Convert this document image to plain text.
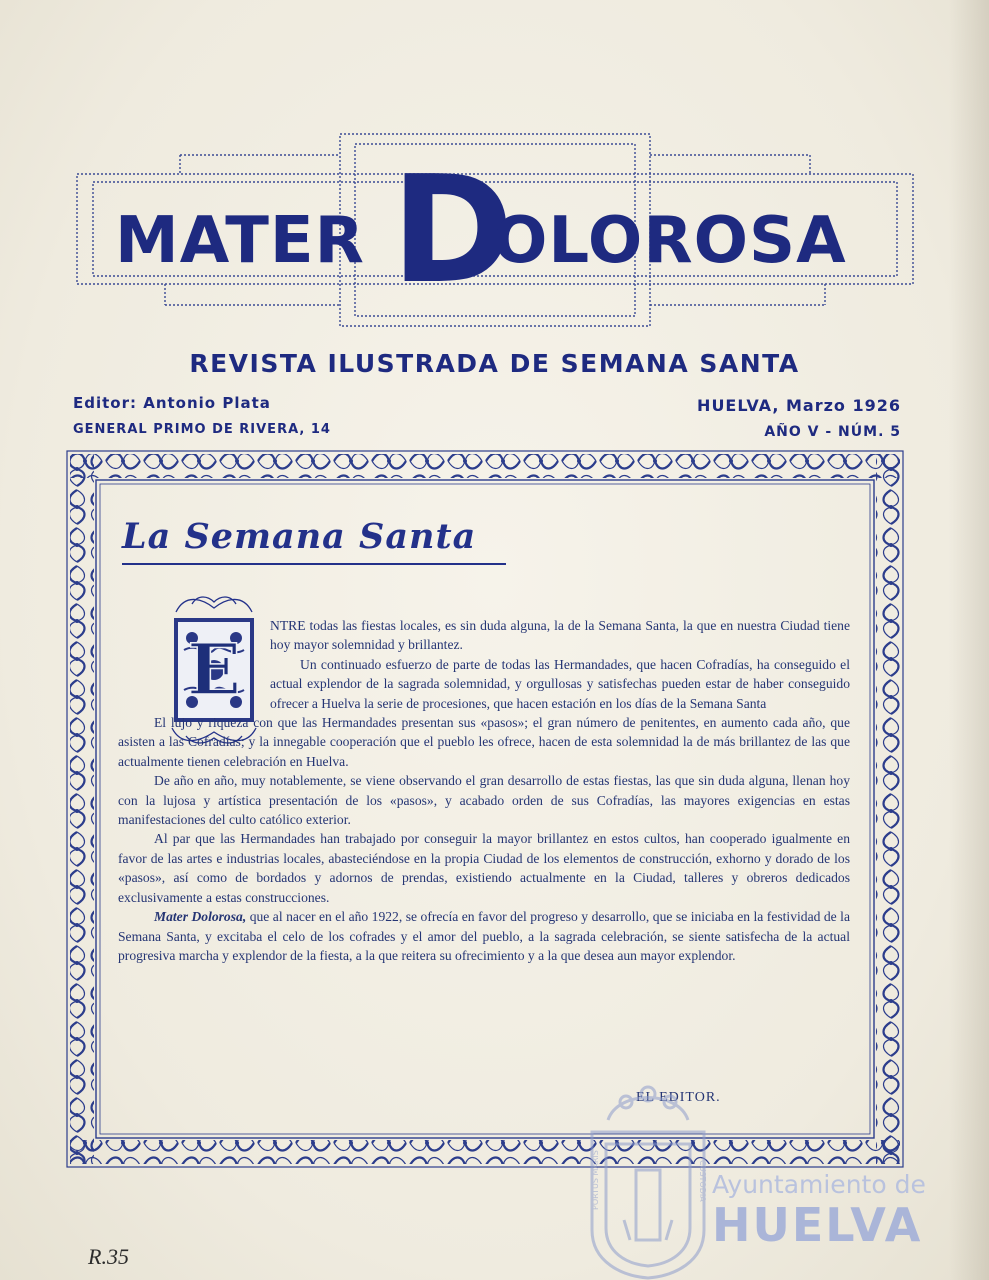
MATER D
OLOROSA
REVISTA ILUSTRADA DE SEMANA SANTA
Editor: Antonio Plata
GENERAL PRIMO DE RIVERA, 14
HUELVA, Marzo 1926
AÑO V - NÚM. 5
La Semana Santa
E

NTRE todas las fiestas locales, es sin duda alguna, la de la Semana Santa, la que en nuestra Ciudad tiene hoy mayor solemnidad y brillantez.

Un continuado esfuerzo de parte de todas las Hermandades, que hacen Cofradías, ha conseguido el actual explendor de la sagrada solemnidad, y orgullosas y satisfechas pueden estar de haber conseguido ofrecer a Huelva la serie de procesiones, que hacen estación en los días de la Semana Santa

El lujo y riqueza con que las Hermandades presentan sus «pasos»; el gran número de penitentes, en aumento cada año, que asisten a las Cofradías; y la innegable cooperación que el pueblo les ofrece, hacen de esta solemnidad la de más brillantez de las que actualmente tienen celebración en Huelva.

De año en año, muy notablemente, se viene observando el gran desarrollo de estas fiestas, las que sin duda alguna, llenan hoy con la lujosa y artística presentación de los «pasos», y acabado orden de sus Cofradías, las mayores exigencias en estas manifestaciones del culto católico exterior.

Al par que las Hermandades han trabajado por conseguir la mayor brillantez en estos cultos, han cooperado igualmente en favor de las artes e industrias locales, abasteciéndose en la propia Ciudad de los elementos de construcción, exhorno y dorado de los «pasos», así como de bordados y adornos de prendas, existiendo actualmente en la Ciudad, talleres y obreros dedicados exclusivamente a estas construcciones.

Mater Dolorosa, que al nacer en el año 1922, se ofrecía en favor del progreso y desarrollo, que se iniciaba en la festividad de la Semana Santa, y excitaba el celo de los cofrades y el amor del pueblo, a la sagrada celebración, se siente satisfecha de la actual progresiva marcha y explendor de la fiesta, a la que reitera su ofrecimiento y a la que desea aun mayor explendor.

EL EDITOR.
PORTUS MARIS	CUSTODIA Ayuntamiento de
HUELVA
R.35
